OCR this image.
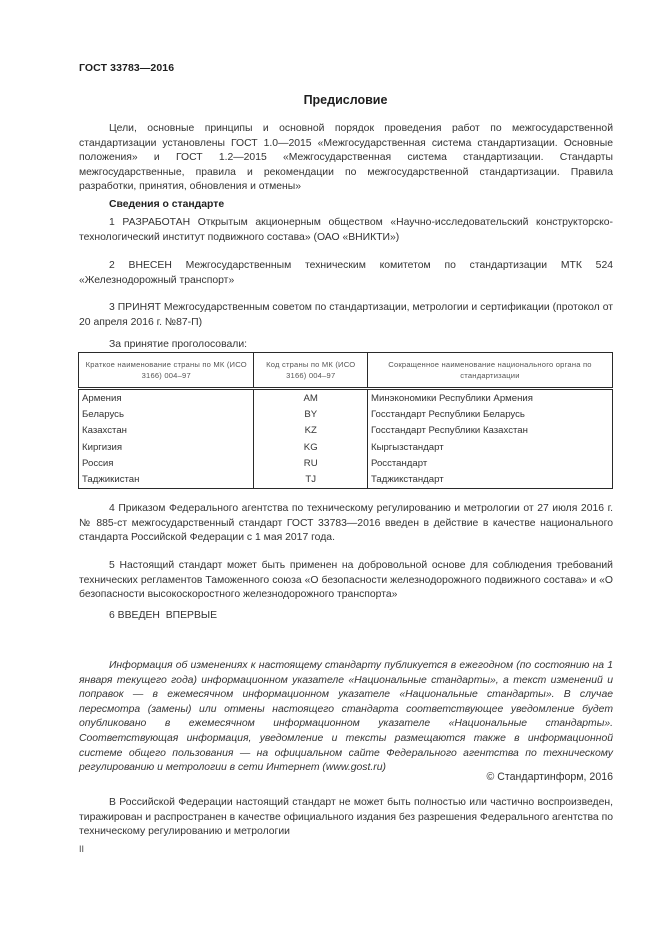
ГОСТ 33783—2016
Предисловие
Цели, основные принципы и основной порядок проведения работ по межгосударственной стандартизации установлены ГОСТ 1.0—2015 «Межгосударственная система стандартизации. Основные положения» и ГОСТ 1.2—2015 «Межгосударственная система стандартизации. Стандарты межгосударственные, правила и рекомендации по межгосударственной стандартизации. Правила разработки, принятия, обновления и отмены»
Сведения о стандарте
1 РАЗРАБОТАН Открытым акционерным обществом «Научно-исследовательский конструкторско-технологический институт подвижного состава» (ОАО «ВНИКТИ»)
2 ВНЕСЕН Межгосударственным техническим комитетом по стандартизации МТК 524 «Железнодорожный транспорт»
3 ПРИНЯТ Межгосударственным советом по стандартизации, метрологии и сертификации (протокол от 20 апреля 2016 г. №87-П)
За принятие проголосовали:
Краткое наименование страны по МК (ИСО 3166) 004–97	Код страны по МК (ИСО 3166) 004–97	Сокращенное наименование национального органа по стандартизации
Армения	AM	Минэкономики Республики Армения
Беларусь	BY	Госстандарт Республики Беларусь
Казахстан	KZ	Госстандарт Республики Казахстан
Киргизия	KG	Кыргызстандарт
Россия	RU	Росстандарт
Таджикистан	TJ	Таджикстандарт
4 Приказом Федерального агентства по техническому регулированию и метрологии от 27 июля 2016 г. № 885-ст межгосударственный стандарт ГОСТ 33783—2016 введен в действие в качестве национального стандарта Российской Федерации с 1 мая 2017 года.
5 Настоящий стандарт может быть применен на добровольной основе для соблюдения требований технических регламентов Таможенного союза «О безопасности железнодорожного подвижного состава» и «О безопасности высокоскоростного железнодорожного транспорта»
6 ВВЕДЕН  ВПЕРВЫЕ
Информация об изменениях к настоящему стандарту публикуется в ежегодном (по состоянию на 1 января текущего года) информационном указателе «Национальные стандарты», а текст изменений и поправок — в ежемесячном информационном указателе «Национальные стандарты». В случае пересмотра (замены) или отмены настоящего стандарта соответствующее уведомление будет опубликовано в ежемесячном информационном указателе «Национальные стандарты». Соответствующая информация, уведомление и тексты размещаются также в информационной системе общего пользования — на официальном сайте Федерального агентства по техническому регулированию и метрологии в сети Интернет (www.gost.ru)
© Стандартинформ, 2016
В Российской Федерации настоящий стандарт не может быть полностью или частично воспроизведен, тиражирован и распространен в качестве официального издания без разрешения Федерального агентства по техническому регулированию и метрологии
II
